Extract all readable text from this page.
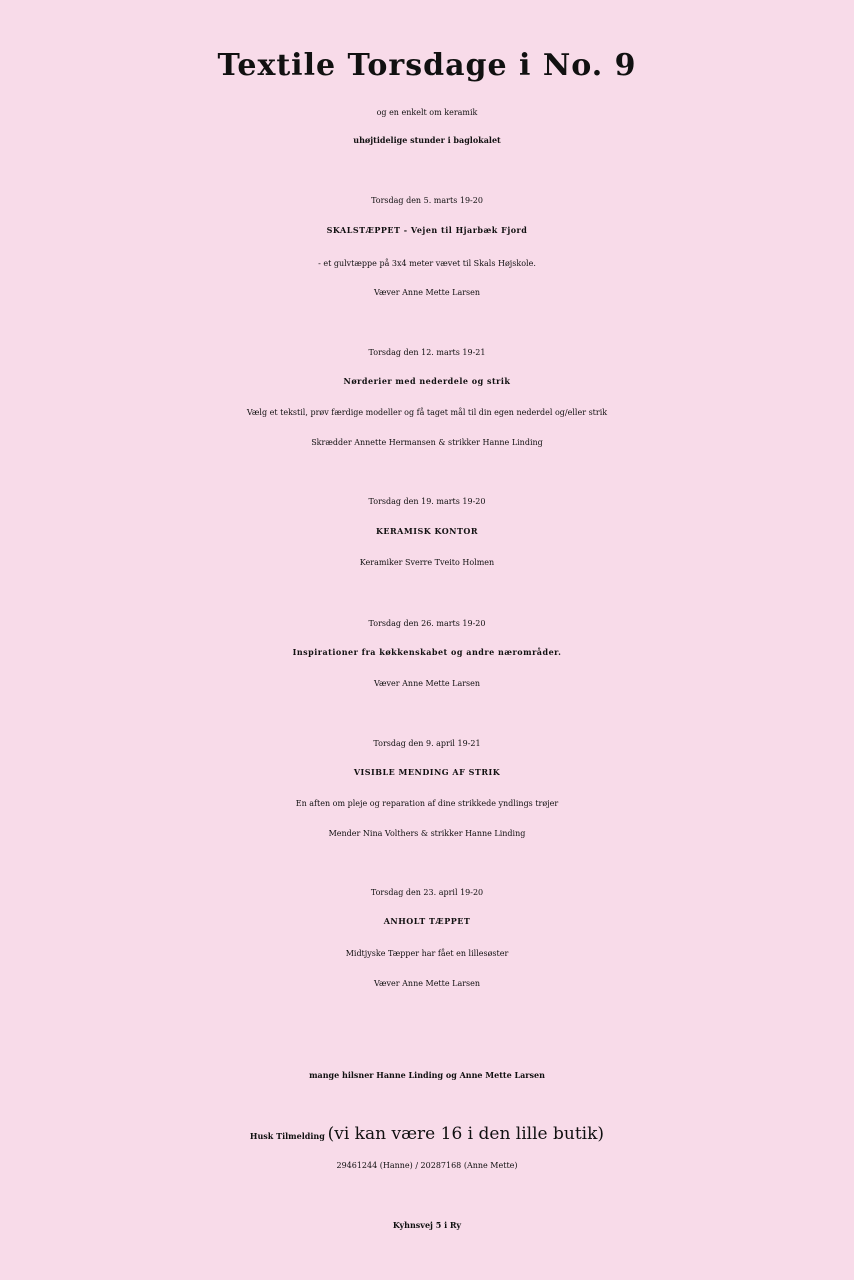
Textile Torsdage i No. 9
og en enkelt om keramik
uhøjtidelige stunder i baglokalet
Torsdag den 5. marts 19-20
SKALSTÆPPET - Vejen til Hjarbæk Fjord
- et gulvtæppe på 3x4 meter vævet til Skals Højskole.
Væver Anne Mette Larsen
Torsdag den 12. marts 19-21
Nørderier med nederdele og strik
Vælg et tekstil, prøv færdige modeller og få taget mål til din egen nederdel og/eller strik
Skrædder Annette Hermansen & strikker Hanne Linding
Torsdag den 19. marts 19-20
KERAMISK KONTOR
Keramiker Sverre Tveito Holmen
Torsdag den 26. marts 19-20
Inspirationer fra køkkenskabet og andre nærområder.
Væver Anne Mette Larsen
Torsdag den 9. april 19-21
VISIBLE MENDING AF STRIK
En aften om pleje og reparation af dine strikkede yndlings trøjer
Mender Nina Volthers & strikker Hanne Linding
Torsdag den 23. april 19-20
ANHOLT TÆPPET
Midtjyske Tæpper har fået en lillesøster
Væver Anne Mette Larsen
mange hilsner Hanne Linding og Anne Mette Larsen
Husk Tilmelding (vi kan være 16 i den lille butik)
29461244 (Hanne) / 20287168 (Anne Mette)
Kyhnsvej 5 i Ry
